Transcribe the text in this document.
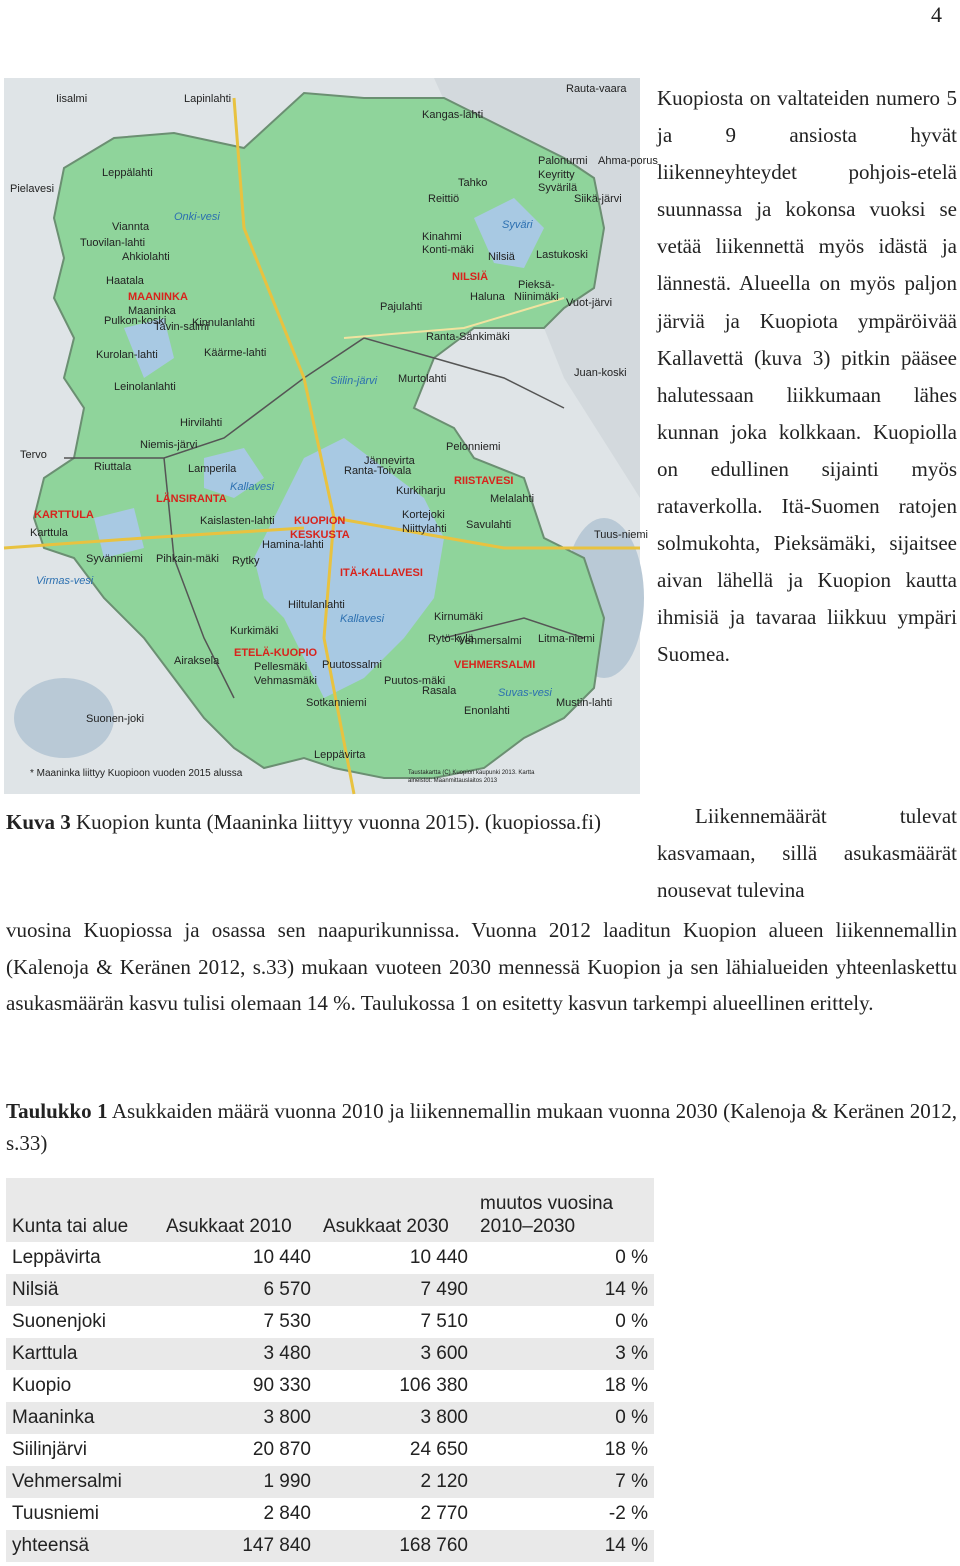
4
Iisalmi	Lapinlahti
Rauta-vaara
Kangas-lahti
Palonurmi Ahma-porus
Keyritty
Syvärilä
Tahko
Siikä-järvi
Reittiö
Pielavesi
Leppälahti
Onki-vesi
Syväri
Kinahmi
Konti-mäki
Nilsiä Lastukoski
Viannta
Tuovilan-lahti
Ahkiolahti
NILSIÄ
Haatala	Pieksä-
Haluna Niinimäki Vuot-järvi
MAANINKA
Maaninka
Kinnulanlahti
Pajulahti
Pulkon-koski
Tavin-salmi
Ranta-Sänkimäki
Käärme-lahti
Kurolan-lahti
Murtolahti	Juan-koski
Leinolanlahti	Siilin-järvi
Tervo
Hirvilahti
Pelonniemi
Niemis-järvi
Jännevirta
Riuttala	Lamperila
Kallavesi
Ranta-Toivala
RIISTAVESI
LÄNSIRANTA
Kurkiharju
Melalahti
KARTTULA	KUOPION
KESKUSTA
Kaislasten-lahti	Kortejoki
Niittylahti Savulahti
Karttula
Hamina-lahti
Tuus-niemi
Syvänniemi Pihkain-mäki Rytky
ITÄ-KALLAVESI
Virmas-vesi
Hiltulanlahti
Kallavesi	Kirnumäki
Kurkimäki
Rytö-kylä
Vehmersalmi Litma-niemi
ETELÄ-KUOPIO
Pellesmäki Puutossalmi	VEHMERSALMI
Airaksela
Vehmasmäki	Puutos-mäki
Rasala	Suvas-vesi
Suonen-joki
Sotkanniemi
Enonlahti
Mustin-lahti
Leppävirta
* Maaninka liittyy Kuopioon vuoden 2015 alussa	Taustakartta (C) Kuopion kaupunki 2013. Kartta
aineistot: Maanmittauslaitos 2013
Kuopiosta on valtateiden numero 5 ja 9 ansiosta hyvät liikenneyhteydet pohjois-etelä suunnassa ja kokonsa vuoksi se vetää liikennettä myös idästä ja lännestä. Alueella on myös paljon järviä ja Kuopiota ympäröivää Kallavettä (kuva 3) pitkin pääsee halutessaan liikkumaan lähes kunnan joka kolkkaan. Kuopiolla on edullinen sijainti myös rataverkolla. Itä-Suomen ratojen solmukohta, Pieksämäki, sijaitsee aivan lähellä ja Kuopion kautta ihmisiä ja tavaraa liikkuu ympäri Suomea.
Kuva 3 Kuopion kunta (Maaninka liittyy vuonna 2015). (kuopiossa.fi)	Liikennemäärät tulevat kasvamaan, sillä asukasmäärät nousevat tulevina
vuosina Kuopiossa ja osassa sen naapurikunnissa. Vuonna 2012 laaditun Kuopion alueen liikennemallin (Kalenoja & Keränen 2012, s.33) mukaan vuoteen 2030 mennessä Kuopion ja sen lähialueiden yhteenlaskettu asukasmäärän kasvu tulisi olemaan 14 %. Taulukossa 1 on esitetty kasvun tarkempi alueellinen erittely.
Taulukko 1 Asukkaiden määrä vuonna 2010 ja liikennemallin mukaan vuonna 2030 (Kalenoja & Keränen 2012, s.33)
Kunta tai alue	Asukkaat 2010	Asukkaat 2030	muutos vuosina 2010–2030
Leppävirta	10 440	10 440	0 %
Nilsiä	6 570	7 490	14 %
Suonenjoki	7 530	7 510	0 %
Karttula	3 480	3 600	3 %
Kuopio	90 330	106 380	18 %
Maaninka	3 800	3 800	0 %
Siilinjärvi	20 870	24 650	18 %
Vehmersalmi	1 990	2 120	7 %
Tuusniemi	2 840	2 770	-2 %
yhteensä	147 840	168 760	14 %
